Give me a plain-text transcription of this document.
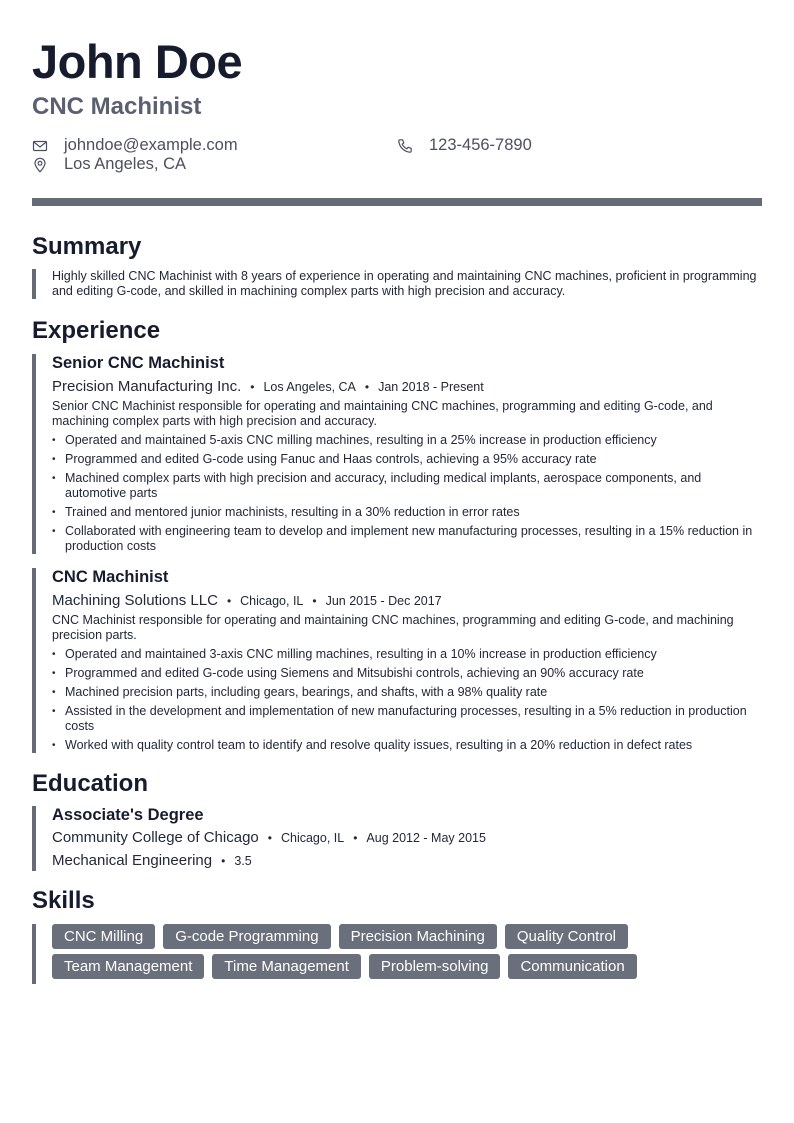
John Doe
CNC Machinist
johndoe@example.com	123-456-7890
Los Angeles, CA
Summary
Highly skilled CNC Machinist with 8 years of experience in operating and maintaining CNC machines, proficient in programming and editing G-code, and skilled in machining complex parts with high precision and accuracy.
Experience
Senior CNC Machinist
Precision Manufacturing Inc. • Los Angeles, CA • Jan 2018 - Present
Senior CNC Machinist responsible for operating and maintaining CNC machines, programming and editing G-code, and machining complex parts with high precision and accuracy.
• Operated and maintained 5-axis CNC milling machines, resulting in a 25% increase in production efficiency
• Programmed and edited G-code using Fanuc and Haas controls, achieving a 95% accuracy rate
• Machined complex parts with high precision and accuracy, including medical implants, aerospace components, and automotive parts
• Trained and mentored junior machinists, resulting in a 30% reduction in error rates
• Collaborated with engineering team to develop and implement new manufacturing processes, resulting in a 15% reduction in production costs
CNC Machinist
Machining Solutions LLC • Chicago, IL • Jun 2015 - Dec 2017
CNC Machinist responsible for operating and maintaining CNC machines, programming and editing G-code, and machining precision parts.
• Operated and maintained 3-axis CNC milling machines, resulting in a 10% increase in production efficiency
• Programmed and edited G-code using Siemens and Mitsubishi controls, achieving an 90% accuracy rate
• Machined precision parts, including gears, bearings, and shafts, with a 98% quality rate
• Assisted in the development and implementation of new manufacturing processes, resulting in a 5% reduction in production costs
• Worked with quality control team to identify and resolve quality issues, resulting in a 20% reduction in defect rates
Education
Associate's Degree
Community College of Chicago • Chicago, IL • Aug 2012 - May 2015
Mechanical Engineering • 3.5
Skills
CNC Milling	G-code Programming	Precision Machining	Quality Control
Team Management	Time Management	Problem-solving	Communication
